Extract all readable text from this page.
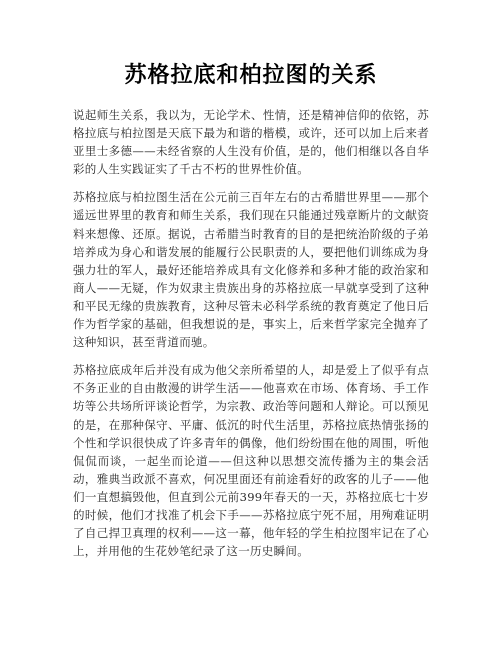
苏格拉底和柏拉图的关系

说起师生关系，我以为，无论学术、性情，还是精神信仰的依铭，苏格拉底与柏拉图是天底下最为和谐的楷模，或许，还可以加上后来者亚里士多德——未经省察的人生没有价值，是的，他们相继以各自华彩的人生实践证实了千古不朽的世界性价值。

苏格拉底与柏拉图生活在公元前三百年左右的古希腊世界里——那个遥远世界里的教育和师生关系，我们现在只能通过残章断片的文献资料来想像、还原。据说，古希腊当时教育的目的是把统治阶级的子弟培养成为身心和谐发展的能履行公民职责的人，要把他们训练成为身强力壮的军人，最好还能培养成具有文化修养和多种才能的政治家和商人——无疑，作为奴隶主贵族出身的苏格拉底一早就享受到了这种和平民无缘的贵族教育，这种尽管未必科学系统的教育奠定了他日后作为哲学家的基础，但我想说的是，事实上，后来哲学家完全抛弃了这种知识，甚至背道而驰。

苏格拉底成年后并没有成为他父亲所希望的人，却是爱上了似乎有点不务正业的自由散漫的讲学生活——他喜欢在市场、体育场、手工作坊等公共场所评谈论哲学，为宗教、政治等问题和人辩论。可以预见的是，在那种保守、平庸、低沉的时代生活里，苏格拉底热情张扬的个性和学识很快成了许多青年的偶像，他们纷纷围在他的周围，听他侃侃而谈，一起坐而论道——但这种以思想交流传播为主的集会活动，雅典当政派不喜欢，何况里面还有前途看好的政客的儿子——他们一直想搞毁他，但直到公元前399年春天的一天，苏格拉底七十岁的时候，他们才找准了机会下手——苏格拉底宁死不屈，用殉难证明了自己捍卫真理的权利——这一幕，他年轻的学生柏拉图牢记在了心上，并用他的生花妙笔纪录了这一历史瞬间。
